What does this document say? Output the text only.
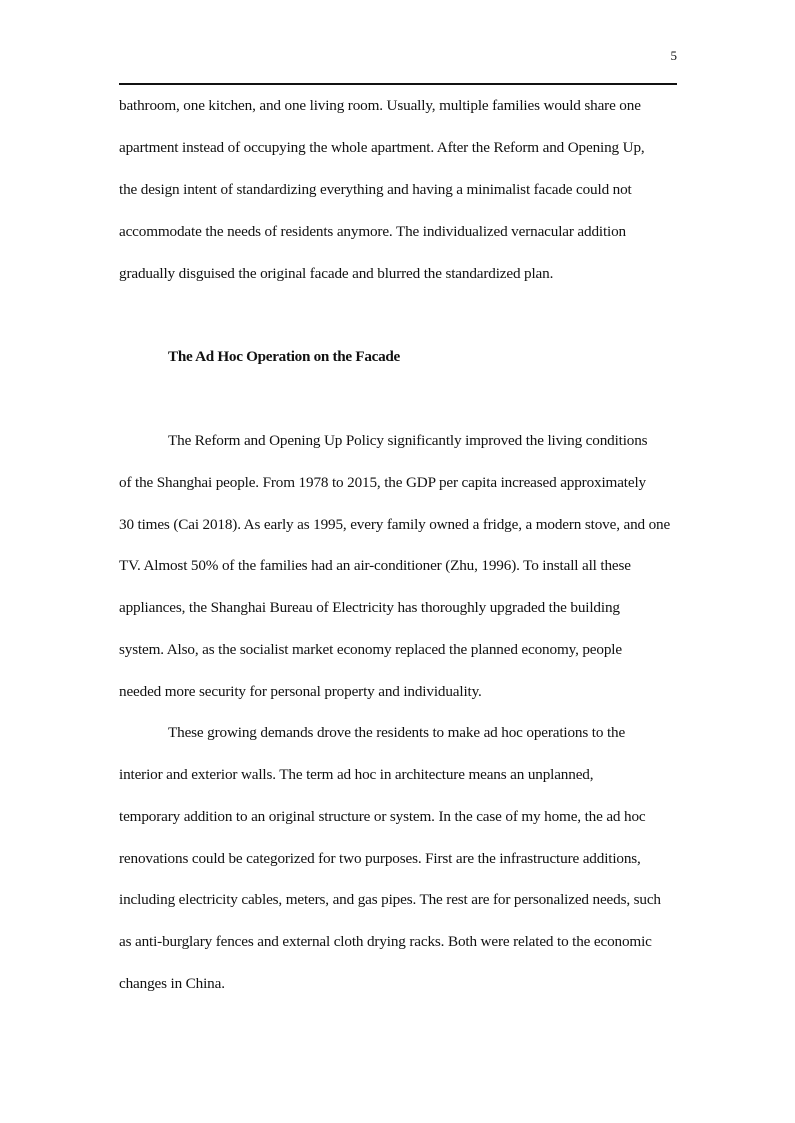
5
bathroom, one kitchen, and one living room. Usually, multiple families would share one
apartment instead of occupying the whole apartment. After the Reform and Opening Up,
the design intent of standardizing everything and having a minimalist facade could not
accommodate the needs of residents anymore. The individualized vernacular addition
gradually disguised the original facade and blurred the standardized plan.
The Ad Hoc Operation on the Facade
The Reform and Opening Up Policy significantly improved the living conditions
of the Shanghai people. From 1978 to 2015, the GDP per capita increased approximately
30 times (Cai 2018). As early as 1995, every family owned a fridge, a modern stove, and one
TV. Almost 50% of the families had an air-conditioner (Zhu, 1996). To install all these
appliances, the Shanghai Bureau of Electricity has thoroughly upgraded the building
system. Also, as the socialist market economy replaced the planned economy, people
needed more security for personal property and individuality.
These growing demands drove the residents to make ad hoc operations to the
interior and exterior walls. The term ad hoc in architecture means an unplanned,
temporary addition to an original structure or system. In the case of my home, the ad hoc
renovations could be categorized for two purposes. First are the infrastructure additions,
including electricity cables, meters, and gas pipes. The rest are for personalized needs, such
as anti-burglary fences and external cloth drying racks. Both were related to the economic
changes in China.
